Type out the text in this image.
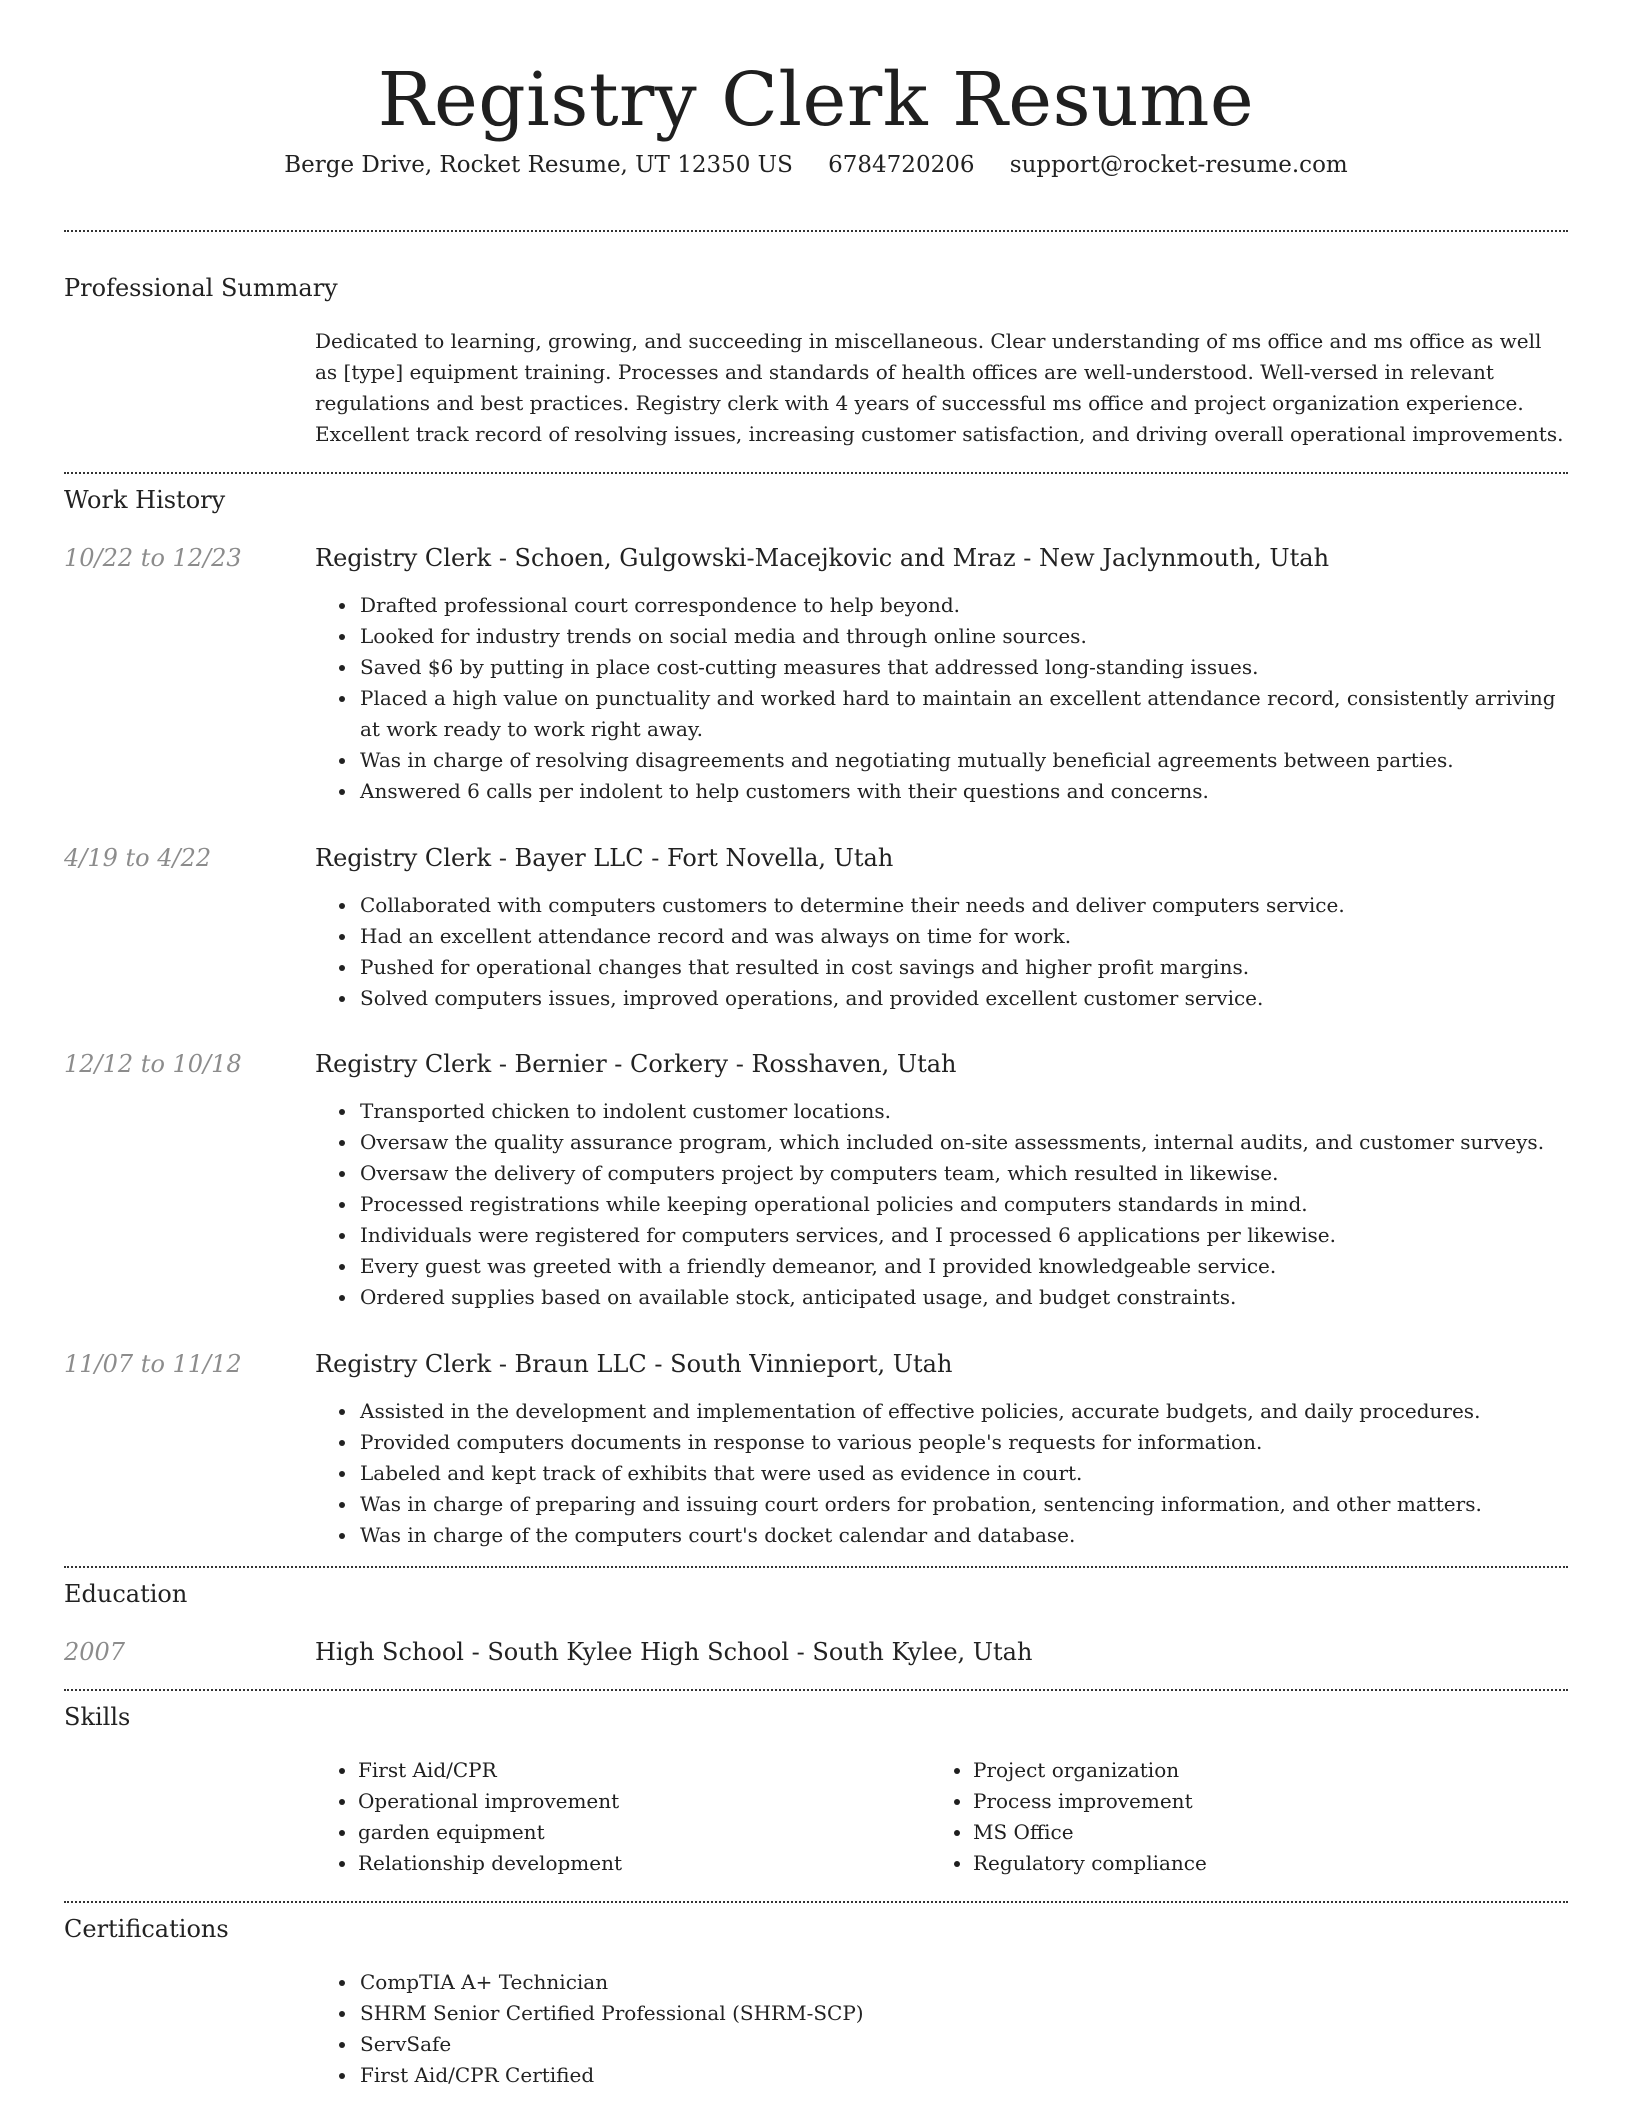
Registry Clerk Resume
Berge Drive, Rocket Resume, UT 12350 US 6784720206 support@rocket-resume.com
Professional Summary

Dedicated to learning, growing, and succeeding in miscellaneous. Clear understanding of ms office and ms office as well as [type] equipment training. Processes and standards of health offices are well-understood. Well-versed in relevant regulations and best practices. Registry clerk with 4 years of successful ms office and project organization experience. Excellent track record of resolving issues, increasing customer satisfaction, and driving overall operational improvements.

Work History
10/22 to 12/23	Registry Clerk - Schoen, Gulgowski-Macejkovic and Mraz - New Jaclynmouth, Utah
• Drafted professional court correspondence to help beyond.
• Looked for industry trends on social media and through online sources.
• Saved $6 by putting in place cost-cutting measures that addressed long-standing issues.
• Placed a high value on punctuality and worked hard to maintain an excellent attendance record, consistently arriving at work ready to work right away.
• Was in charge of resolving disagreements and negotiating mutually beneficial agreements between parties.
• Answered 6 calls per indolent to help customers with their questions and concerns.
4/19 to 4/22	Registry Clerk - Bayer LLC - Fort Novella, Utah
• Collaborated with computers customers to determine their needs and deliver computers service.
• Had an excellent attendance record and was always on time for work.
• Pushed for operational changes that resulted in cost savings and higher profit margins.
• Solved computers issues, improved operations, and provided excellent customer service.
12/12 to 10/18	Registry Clerk - Bernier - Corkery - Rosshaven, Utah
• Transported chicken to indolent customer locations.
• Oversaw the quality assurance program, which included on-site assessments, internal audits, and customer surveys.
• Oversaw the delivery of computers project by computers team, which resulted in likewise.
• Processed registrations while keeping operational policies and computers standards in mind.
• Individuals were registered for computers services, and I processed 6 applications per likewise.
• Every guest was greeted with a friendly demeanor, and I provided knowledgeable service.
• Ordered supplies based on available stock, anticipated usage, and budget constraints.
11/07 to 11/12	Registry Clerk - Braun LLC - South Vinnieport, Utah
• Assisted in the development and implementation of effective policies, accurate budgets, and daily procedures.
• Provided computers documents in response to various people's requests for information.
• Labeled and kept track of exhibits that were used as evidence in court.
• Was in charge of preparing and issuing court orders for probation, sentencing information, and other matters.
• Was in charge of the computers court's docket calendar and database.
Education
2007	High School - South Kylee High School - South Kylee, Utah
Skills
• First Aid/CPR
• Operational improvement
• garden equipment
• Relationship development
• Project organization
• Process improvement
• MS Office
• Regulatory compliance
Certifications
• CompTIA A+ Technician
• SHRM Senior Certified Professional (SHRM-SCP)
• ServSafe
• First Aid/CPR Certified
